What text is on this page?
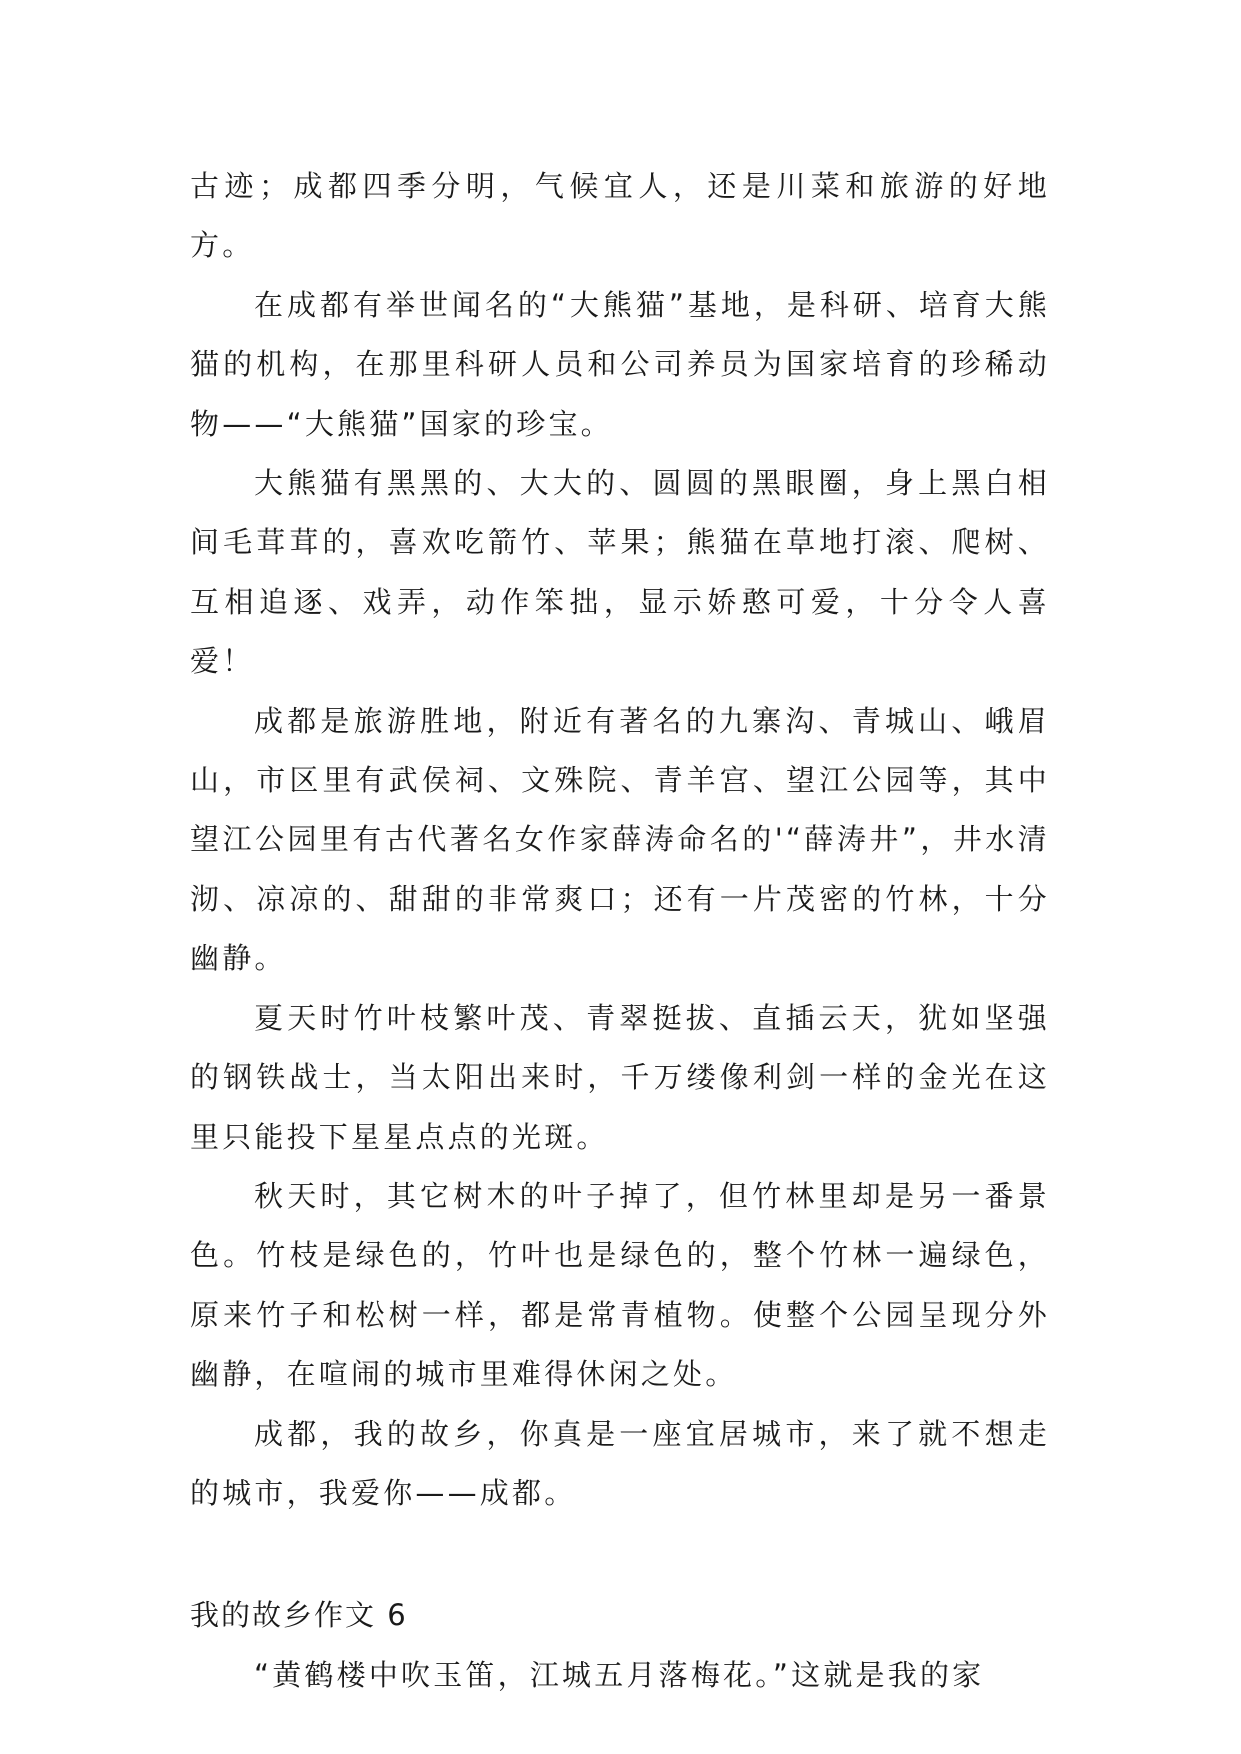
古迹；成都四季分明，气候宜人，还是川菜和旅游的好地方。

在成都有举世闻名的“大熊猫”基地，是科研、培育大熊猫的机构，在那里科研人员和公司养员为国家培育的珍稀动物——“大熊猫”国家的珍宝。

大熊猫有黑黑的、大大的、圆圆的黑眼圈，身上黑白相间毛茸茸的，喜欢吃箭竹、苹果；熊猫在草地打滚、爬树、互相追逐、戏弄，动作笨拙，显示娇憨可爱，十分令人喜爱！

成都是旅游胜地，附近有著名的九寨沟、青城山、峨眉山，市区里有武侯祠、文殊院、青羊宫、望江公园等，其中望江公园里有古代著名女作家薛涛命名的'“薛涛井”，井水清沏、凉凉的、甜甜的非常爽口；还有一片茂密的竹林，十分幽静。

夏天时竹叶枝繁叶茂、青翠挺拔、直插云天，犹如坚强的钢铁战士，当太阳出来时，千万缕像利剑一样的金光在这里只能投下星星点点的光斑。

秋天时，其它树木的叶子掉了，但竹林里却是另一番景色。竹枝是绿色的，竹叶也是绿色的，整个竹林一遍绿色，原来竹子和松树一样，都是常青植物。使整个公园呈现分外幽静，在喧闹的城市里难得休闲之处。

成都，我的故乡，你真是一座宜居城市，来了就不想走的城市，我爱你——成都。

我的故乡作文 6

“黄鹤楼中吹玉笛，江城五月落梅花。”这就是我的家
